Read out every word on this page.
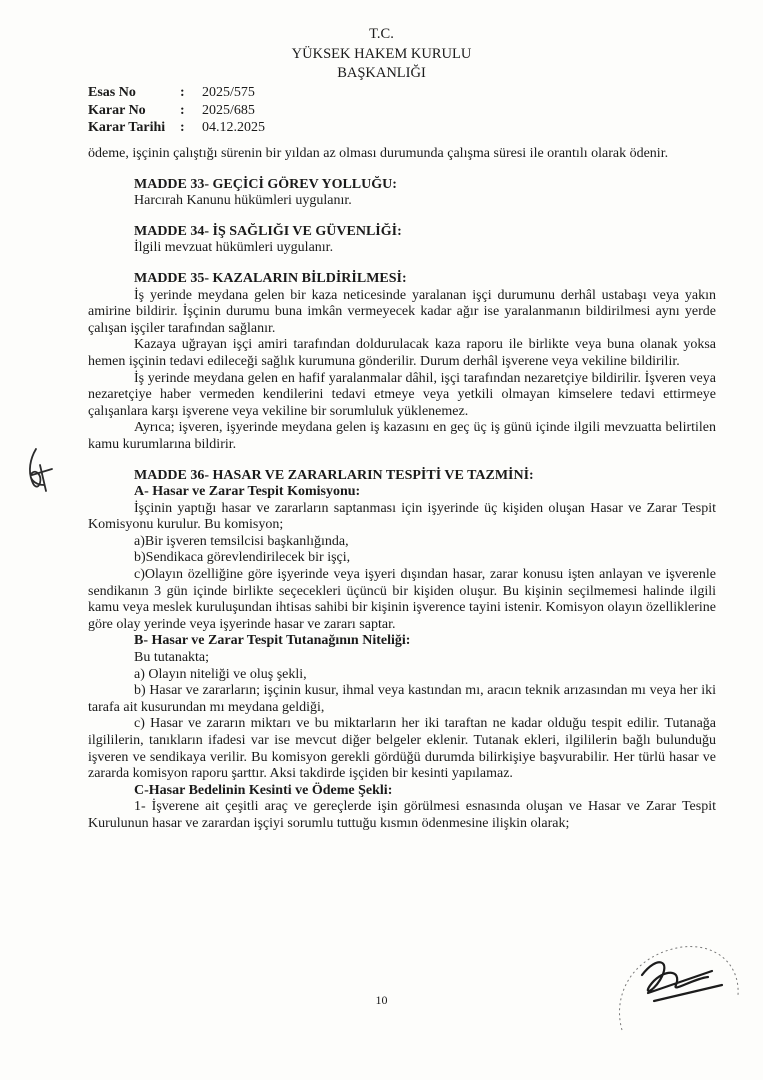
T.C.
YÜKSEK HAKEM KURULU
BAŞKANLIĞI
Esas No	:	2025/575
Karar No	:	2025/685
Karar Tarihi	:	04.12.2025

ödeme, işçinin çalıştığı sürenin bir yıldan az olması durumunda çalışma süresi ile orantılı olarak ödenir.

MADDE 33- GEÇİCİ GÖREV YOLLUĞU:

Harcırah Kanunu hükümleri uygulanır.

MADDE 34- İŞ SAĞLIĞI VE GÜVENLİĞİ:

İlgili mevzuat hükümleri uygulanır.

MADDE 35- KAZALARIN BİLDİRİLMESİ:

İş yerinde meydana gelen bir kaza neticesinde yaralanan işçi durumunu derhâl ustabaşı veya yakın amirine bildirir. İşçinin durumu buna imkân vermeyecek kadar ağır ise yaralanmanın bildirilmesi aynı yerde çalışan işçiler tarafından sağlanır.

Kazaya uğrayan işçi amiri tarafından doldurulacak kaza raporu ile birlikte veya buna olanak yoksa hemen işçinin tedavi edileceği sağlık kurumuna gönderilir. Durum derhâl işverene veya vekiline bildirilir.

İş yerinde meydana gelen en hafif yaralanmalar dâhil, işçi tarafından nezaretçiye bildirilir. İşveren veya nezaretçiye haber vermeden kendilerini tedavi etmeye veya yetkili olmayan kimselere tedavi ettirmeye çalışanlara karşı işverene veya vekiline bir sorumluluk yüklenemez.

Ayrıca; işveren, işyerinde meydana gelen iş kazasını en geç üç iş günü içinde ilgili mevzuatta belirtilen kamu kurumlarına bildirir.

MADDE 36- HASAR VE ZARARLARIN TESPİTİ VE TAZMİNİ:

A- Hasar ve Zarar Tespit Komisyonu:

İşçinin yaptığı hasar ve zararların saptanması için işyerinde üç kişiden oluşan Hasar ve Zarar Tespit Komisyonu kurulur. Bu komisyon;

a)Bir işveren temsilcisi başkanlığında,

b)Sendikaca görevlendirilecek bir işçi,

c)Olayın özelliğine göre işyerinde veya işyeri dışından hasar, zarar konusu işten anlayan ve işverenle sendikanın 3 gün içinde birlikte seçecekleri üçüncü bir kişiden oluşur. Bu kişinin seçilmemesi halinde ilgili kamu veya meslek kuruluşundan ihtisas sahibi bir kişinin işverence tayini istenir. Komisyon olayın özelliklerine göre olay yerinde veya işyerinde hasar ve zararı saptar.

B- Hasar ve Zarar Tespit Tutanağının Niteliği:

Bu tutanakta;

a) Olayın niteliği ve oluş şekli,

b) Hasar ve zararların; işçinin kusur, ihmal veya kastından mı, aracın teknik arızasından mı veya her iki tarafa ait kusurundan mı meydana geldiği,

c) Hasar ve zararın miktarı ve bu miktarların her iki taraftan ne kadar olduğu tespit edilir. Tutanağa ilgililerin, tanıkların ifadesi var ise mevcut diğer belgeler eklenir. Tutanak ekleri, ilgililerin bağlı bulunduğu işveren ve sendikaya verilir. Bu komisyon gerekli gördüğü durumda bilirkişiye başvurabilir. Her türlü hasar ve zararda komisyon raporu şarttır. Aksi takdirde işçiden bir kesinti yapılamaz.

C-Hasar Bedelinin Kesinti ve Ödeme Şekli:

1- İşverene ait çeşitli araç ve gereçlerde işin görülmesi esnasında oluşan ve Hasar ve Zarar Tespit Kurulunun hasar ve zarardan işçiyi sorumlu tuttuğu kısmın ödenmesine ilişkin olarak;

10
